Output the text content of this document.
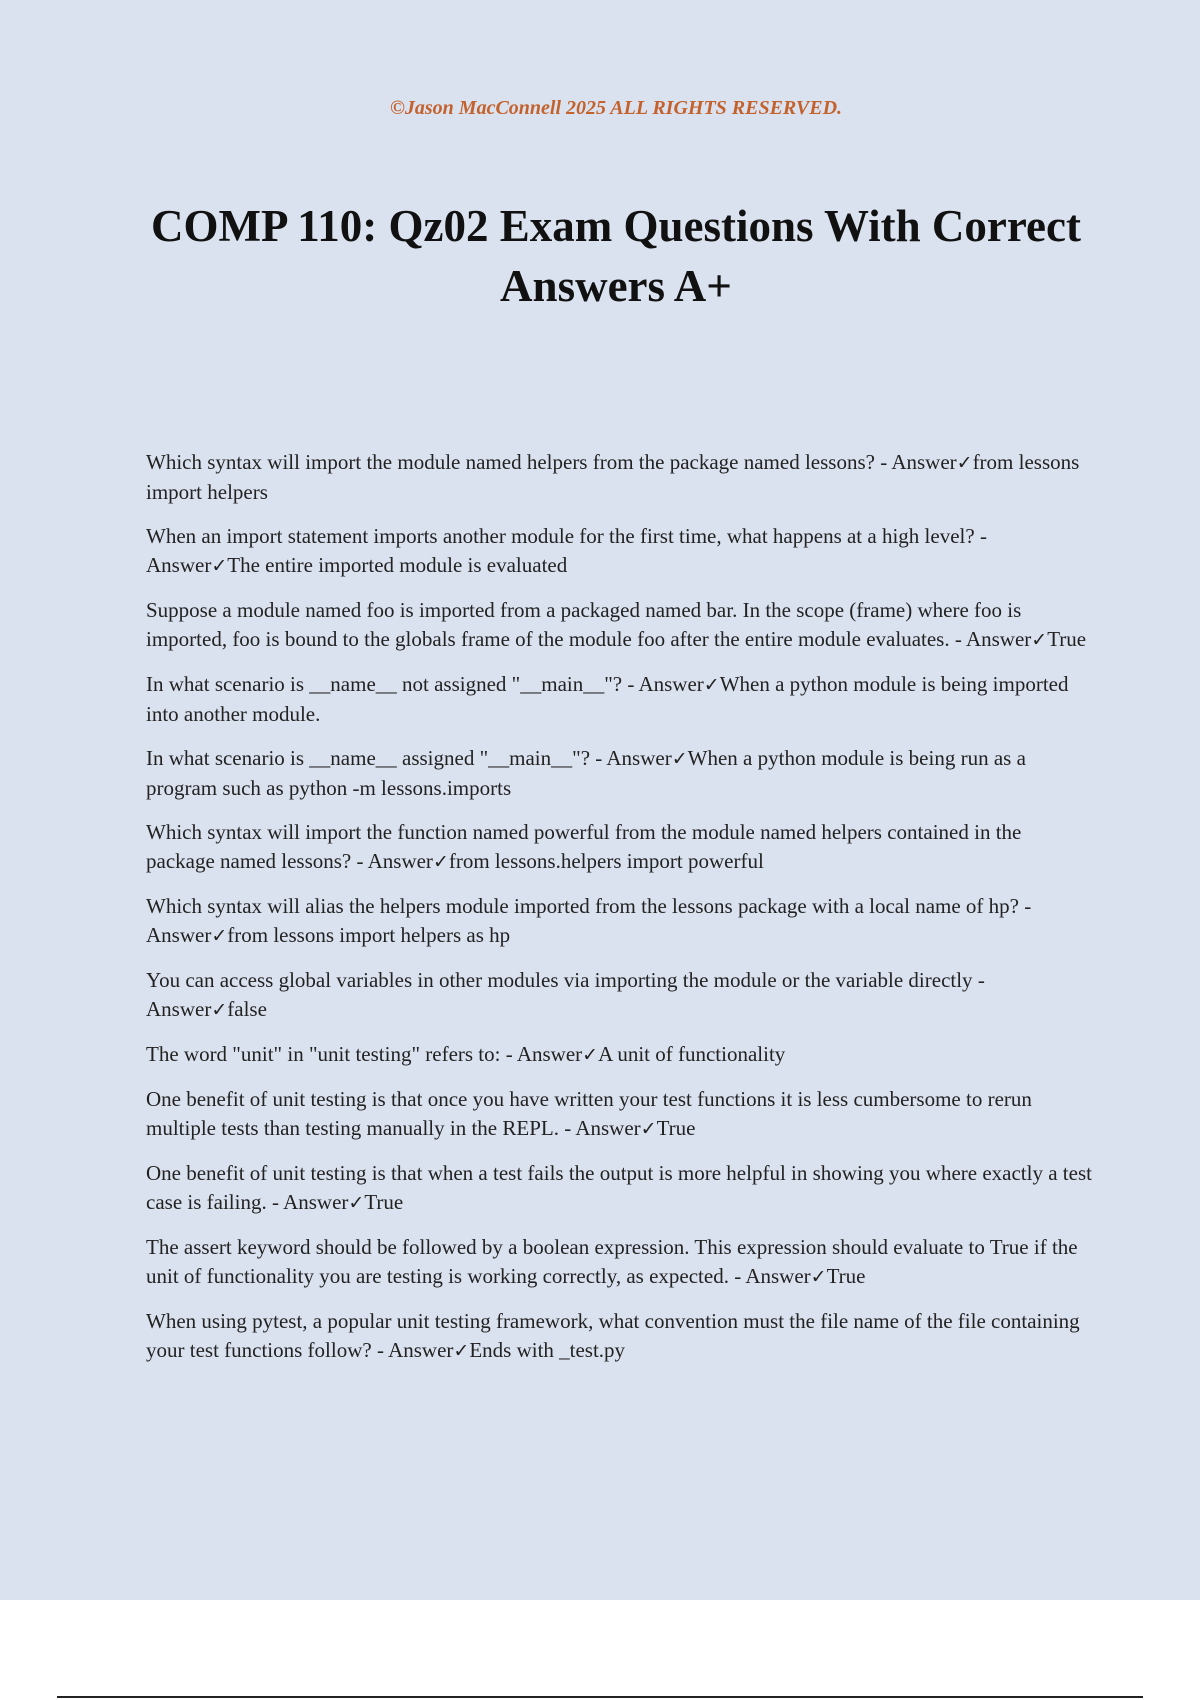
©Jason MacConnell 2025 ALL RIGHTS RESERVED.
COMP 110: Qz02 Exam Questions With Correct Answers A+
Which syntax will import the module named helpers from the package named lessons? - Answer✓from lessons import helpers
When an import statement imports another module for the first time, what happens at a high level? - Answer✓The entire imported module is evaluated
Suppose a module named foo is imported from a packaged named bar. In the scope (frame) where foo is imported, foo is bound to the globals frame of the module foo after the entire module evaluates. - Answer✓True
In what scenario is __name__ not assigned "__main__"? - Answer✓When a python module is being imported into another module.
In what scenario is __name__ assigned "__main__"? - Answer✓When a python module is being run as a program such as python -m lessons.imports
Which syntax will import the function named powerful from the module named helpers contained in the package named lessons? - Answer✓from lessons.helpers import powerful
Which syntax will alias the helpers module imported from the lessons package with a local name of hp? - Answer✓from lessons import helpers as hp
You can access global variables in other modules via importing the module or the variable directly - Answer✓false
The word "unit" in "unit testing" refers to: - Answer✓A unit of functionality
One benefit of unit testing is that once you have written your test functions it is less cumbersome to rerun multiple tests than testing manually in the REPL. - Answer✓True
One benefit of unit testing is that when a test fails the output is more helpful in showing you where exactly a test case is failing. - Answer✓True
The assert keyword should be followed by a boolean expression. This expression should evaluate to True if the unit of functionality you are testing is working correctly, as expected. - Answer✓True
When using pytest, a popular unit testing framework, what convention must the file name of the file containing your test functions follow? - Answer✓Ends with _test.py
